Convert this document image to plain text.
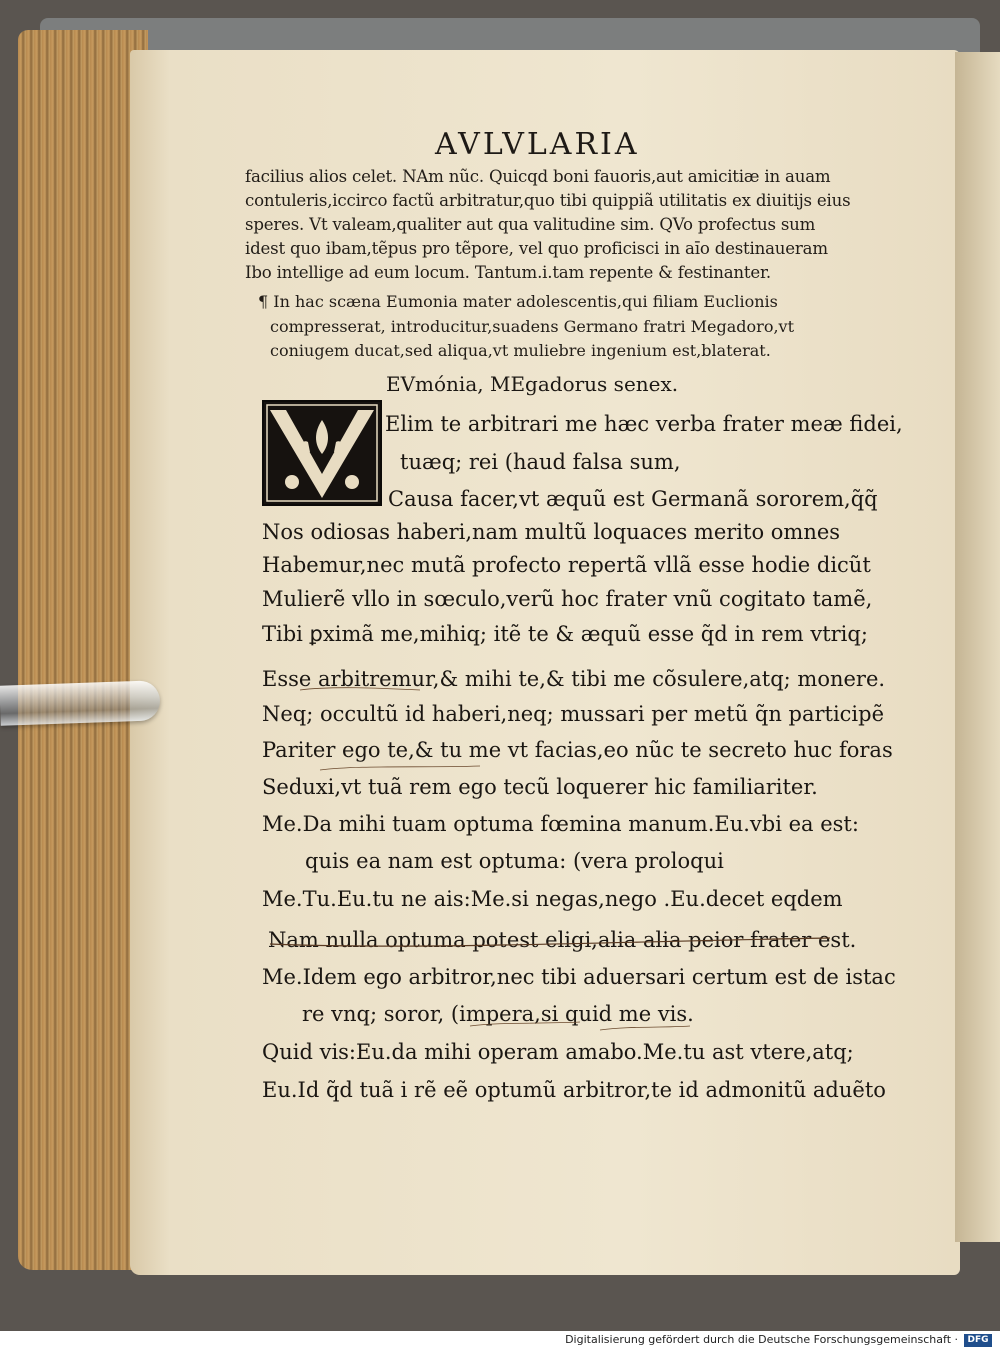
AVLVLARIA
facilius alios celet. NAm nũc. Quicqd boni fauoris,aut amicitiæ in auam
contuleris,iccirco factũ arbitratur,quo tibi quippiã utilitatis ex diuitijs eius
speres. Vt valeam,qualiter aut qua valitudine sim. QVo profectus sum
idest quo ibam,tẽpus pro tẽpore, vel quo proficisci in aı̄o destinaueram
Ibo intellige ad eum locum. Tantum.i.tam repente & festinanter.
¶ In hac scæna Eumonia mater adolescentis,qui filiam Euclionis
compresserat, introducitur,suadens Germano fratri Megadoro,vt
coniugem ducat,sed aliqua,vt muliebre ingenium est,blaterat.
EVmónia, MEgadorus senex.
Elim te arbitrari me hæc verba frater meæ fidei,
tuæq; rei (haud falsa sum,
Causa facer,vt æquũ est Germanã sororem,q̃q̃
Nos odiosas haberi,nam multũ loquaces merito omnes
Habemur,nec mutã profecto repertã vllã esse hodie dicũt
Mulierẽ vllo in sœculo,verũ hoc frater vnũ cogitato tamẽ,
Tibi ꝑximã me,mihiq; itẽ te & æquũ esse q̃d in rem vtriq;
Esse arbitremur,& mihi te,& tibi me cõsulere,atq; monere.
Neq; occultũ id haberi,neq; mussari per metũ q̃n participẽ
Pariter ego te,& tu me vt facias,eo nũc te secreto huc foras
Seduxi,vt tuã rem ego tecũ loquerer hic familiariter.
Me.Da mihi tuam optuma fœmina manum.Eu.vbi ea est:
quis ea nam est optuma: (vera proloqui
Me.Tu.Eu.tu ne ais:Me.si negas,nego .Eu.decet eqdem
Nam nulla optuma potest eligi,alia alia peior frater est.
Me.Idem ego arbitror,nec tibi aduersari certum est de istac
re vnq; soror, (impera,si quid me vis.
Quid vis:Eu.da mihi operam amabo.Me.tu ast vtere,atq;
Eu.Id q̃d tuã i rẽ eẽ optumũ arbitror,te id admonitũ aduẽto
Digitalisierung gefördert durch die Deutsche Forschungsgemeinschaft ·	DFG
